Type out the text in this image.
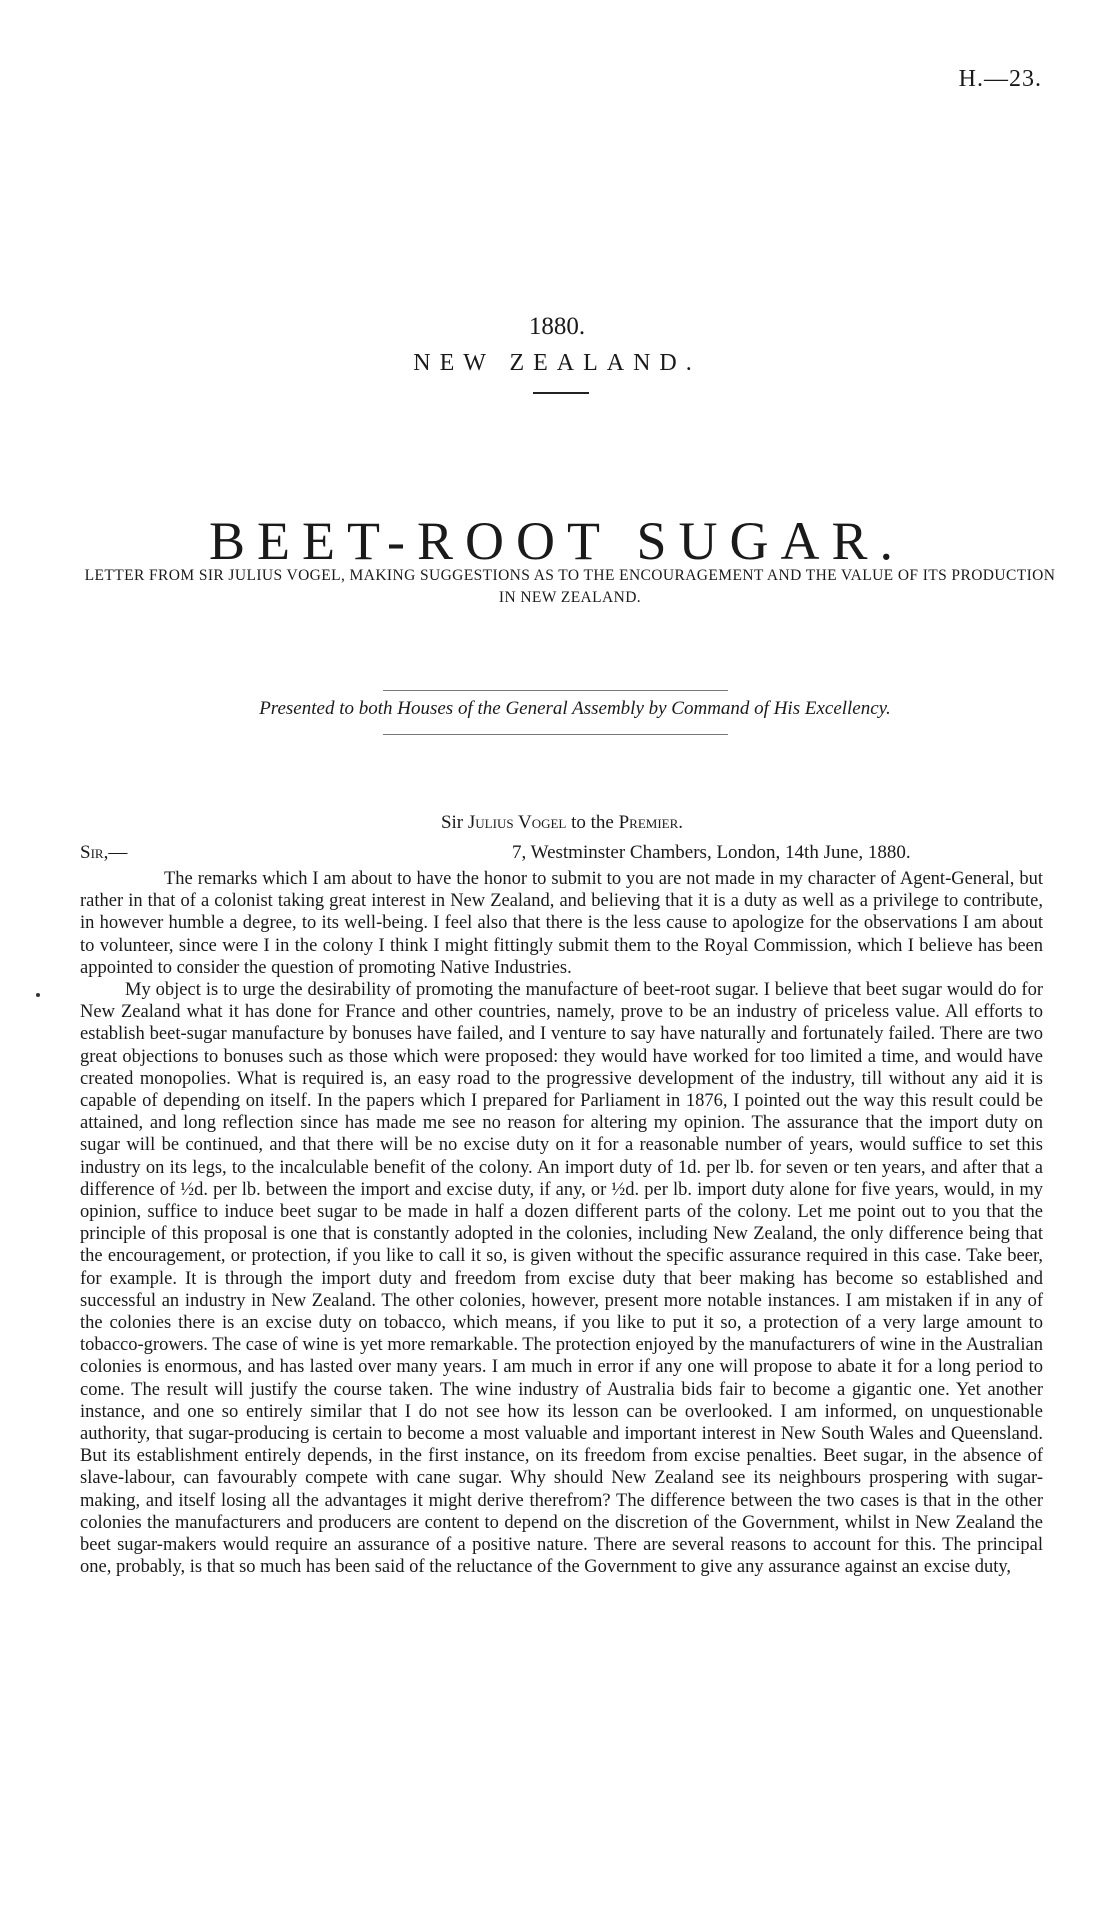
H.—23.
1880.
NEW ZEALAND.
BEET-ROOT SUGAR.
LETTER FROM SIR JULIUS VOGEL, MAKING SUGGESTIONS AS TO THE ENCOURAGEMENT AND THE VALUE OF ITS PRODUCTION IN NEW ZEALAND.
Presented to both Houses of the General Assembly by Command of His Excellency.
Sir Julius Vogel to the Premier.
Sir,—	7, Westminster Chambers, London, 14th June, 1880.

The remarks which I am about to have the honor to submit to you are not made in my character of Agent-General, but rather in that of a colonist taking great interest in New Zealand, and believing that it is a duty as well as a privilege to contribute, in however humble a degree, to its well-being. I feel also that there is the less cause to apologize for the observations I am about to volunteer, since were I in the colony I think I might fittingly submit them to the Royal Commission, which I believe has been appointed to consider the question of promoting Native Industries.

My object is to urge the desirability of promoting the manufacture of beet-root sugar. I believe that beet sugar would do for New Zealand what it has done for France and other countries, namely, prove to be an industry of priceless value. All efforts to establish beet-sugar manufacture by bonuses have failed, and I venture to say have naturally and fortunately failed. There are two great objections to bonuses such as those which were proposed: they would have worked for too limited a time, and would have created monopolies. What is required is, an easy road to the progressive development of the industry, till without any aid it is capable of depending on itself. In the papers which I prepared for Parliament in 1876, I pointed out the way this result could be attained, and long reflection since has made me see no reason for altering my opinion. The assurance that the import duty on sugar will be continued, and that there will be no excise duty on it for a reasonable number of years, would suffice to set this industry on its legs, to the incalculable benefit of the colony. An import duty of 1d. per lb. for seven or ten years, and after that a difference of ½d. per lb. between the import and excise duty, if any, or ½d. per lb. import duty alone for five years, would, in my opinion, suffice to induce beet sugar to be made in half a dozen different parts of the colony. Let me point out to you that the principle of this proposal is one that is constantly adopted in the colonies, including New Zealand, the only difference being that the encouragement, or protection, if you like to call it so, is given without the specific assurance required in this case. Take beer, for example. It is through the import duty and freedom from excise duty that beer making has become so established and successful an industry in New Zealand. The other colonies, however, present more notable instances. I am mistaken if in any of the colonies there is an excise duty on tobacco, which means, if you like to put it so, a protection of a very large amount to tobacco-growers. The case of wine is yet more remarkable. The protection enjoyed by the manufacturers of wine in the Australian colonies is enormous, and has lasted over many years. I am much in error if any one will propose to abate it for a long period to come. The result will justify the course taken. The wine industry of Australia bids fair to become a gigantic one. Yet another instance, and one so entirely similar that I do not see how its lesson can be overlooked. I am informed, on unquestionable authority, that sugar-producing is certain to become a most valuable and important interest in New South Wales and Queensland. But its establishment entirely depends, in the first instance, on its freedom from excise penalties. Beet sugar, in the absence of slave-labour, can favourably compete with cane sugar. Why should New Zealand see its neighbours prospering with sugar-making, and itself losing all the advantages it might derive therefrom? The difference between the two cases is that in the other colonies the manufacturers and producers are content to depend on the discretion of the Government, whilst in New Zealand the beet sugar-makers would require an assurance of a positive nature. There are several reasons to account for this. The principal one, probably, is that so much has been said of the reluctance of the Government to give any assurance against an excise duty,
